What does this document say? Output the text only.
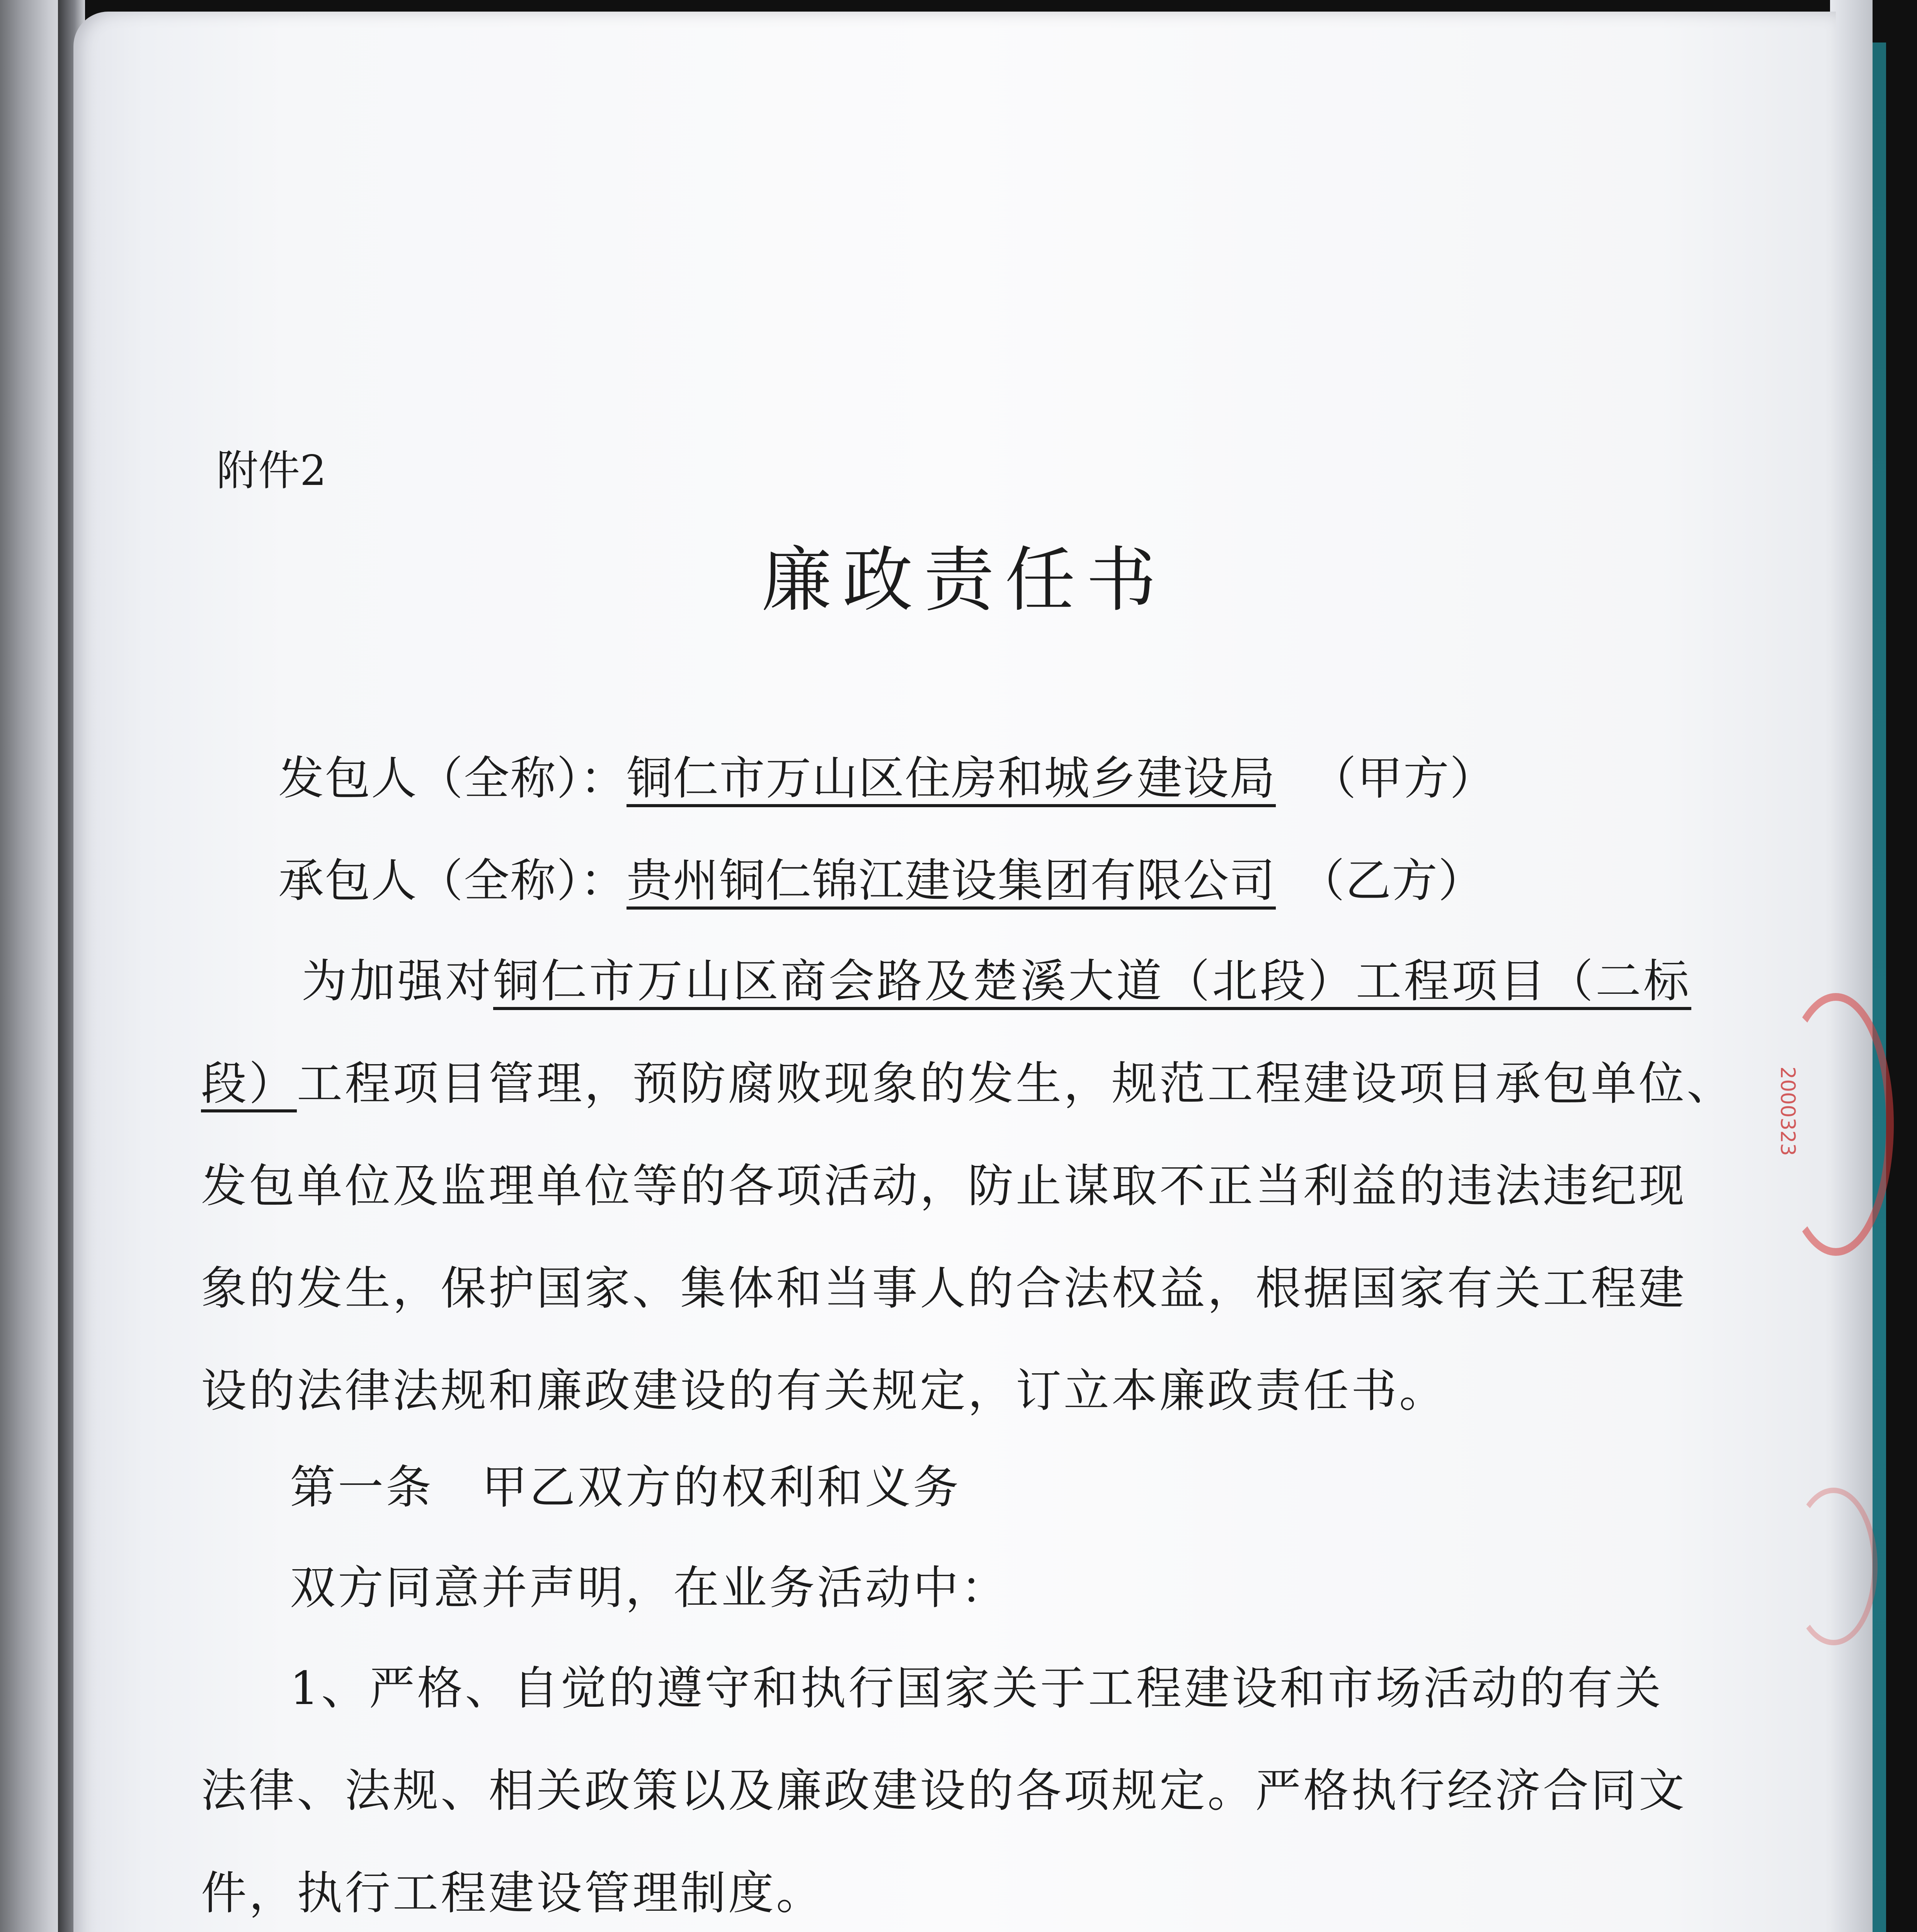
附件2
廉政责任书
发包人（全称）：铜仁市万山区住房和城乡建设局 （甲方）
承包人（全称）：贵州铜仁锦江建设集团有限公司 （乙方）
为加强对铜仁市万山区商会路及楚溪大道（北段）工程项目（二标
段）工程项目管理，预防腐败现象的发生，规范工程建设项目承包单位、
发包单位及监理单位等的各项活动，防止谋取不正当利益的违法违纪现
象的发生，保护国家、集体和当事人的合法权益，根据国家有关工程建
设的法律法规和廉政建设的有关规定，订立本廉政责任书。
第一条　甲乙双方的权利和义务
双方同意并声明，在业务活动中：
1、严格、自觉的遵守和执行国家关于工程建设和市场活动的有关
法律、法规、相关政策以及廉政建设的各项规定。严格执行经济合同文
件，执行工程建设管理制度。
2000323
